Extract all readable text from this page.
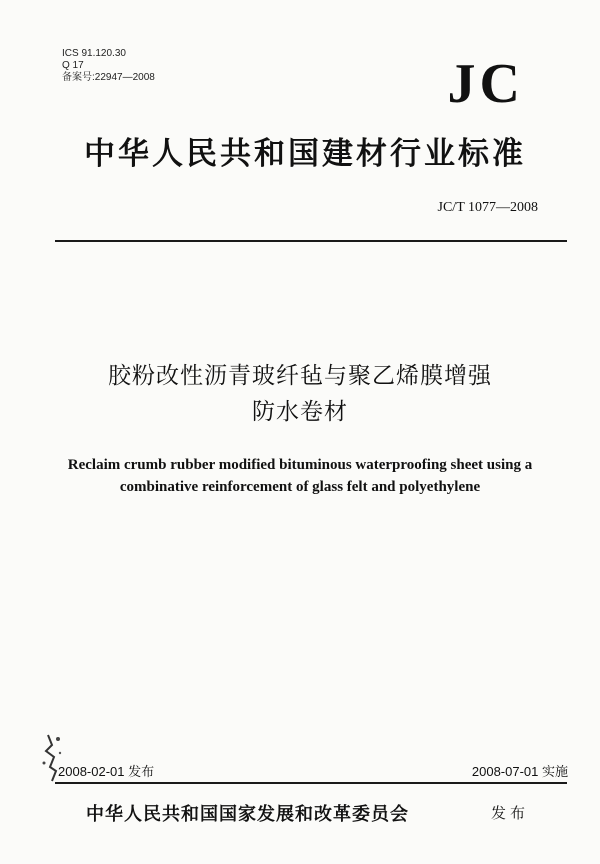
ICS 91.120.30
Q 17
备案号:22947—2008	JC
中华人民共和国建材行业标准
JC/T 1077—2008
胶粉改性沥青玻纤毡与聚乙烯膜增强
防水卷材
Reclaim crumb rubber modified bituminous waterproofing sheet using a
combinative reinforcement of glass felt and polyethylene
2008-02-01 发布	2008-07-01 实施
中华人民共和国国家发展和改革委员会	发布
